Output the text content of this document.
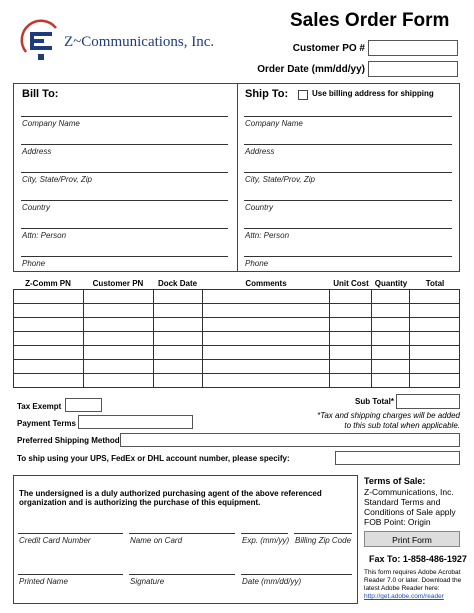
Z~Communications, Inc.
Sales Order Form
Customer PO #
Order Date (mm/dd/yy)
Bill To:	Ship To:	Use billing address for shipping
Company Name
Address
City, State/Prov, Zip
Country
Attn: Person
Phone
Company Name
Address
City, State/Prov, Zip
Country
Attn: Person
Phone
Z-Comm PN	Customer PN	Dock Date	Comments	Unit Cost Quantity	Total

Sub Total*
*Tax and shipping charges will be added
to this sub total when applicable.
Tax Exempt
Payment Terms
Preferred Shipping Method
To ship using your UPS, FedEx or DHL account number, please specify:
The undersigned is a duly authorized purchasing agent of the above referenced
organization and is authorizing the purchase of this equipment.
Credit Card Number	Name on Card	Exp. (mm/yy) Billing Zip Code
Printed Name	Signature	Date (mm/dd/yy)
Terms of Sale:
Z-Communications, Inc.
Standard Terms and
Conditions of Sale apply
FOB Point: Origin
Print Form
Fax To: 1-858-486-1927
This form requires Adobe Acrobat
Reader 7.0 or later. Download the
latest Adobe Reader here:
http://get.adobe.com/reader
